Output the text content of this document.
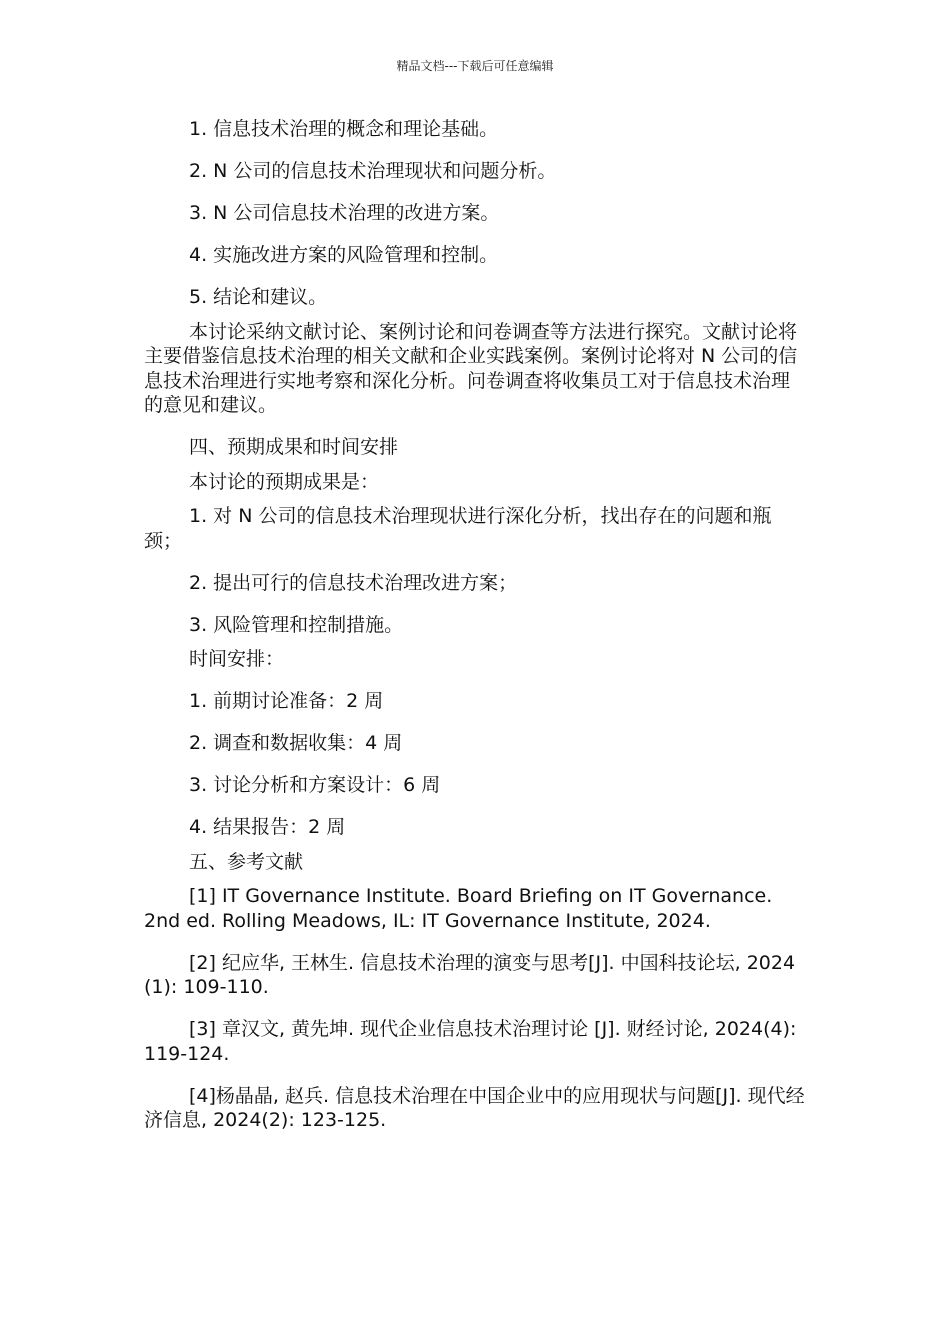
精品文档---下载后可任意编辑

1. 信息技术治理的概念和理论基础。

2. N 公司的信息技术治理现状和问题分析。

3. N 公司信息技术治理的改进方案。

4. 实施改进方案的风险管理和控制。

5. 结论和建议。

本讨论采纳文献讨论、案例讨论和问卷调查等方法进行探究。文献讨论将主要借鉴信息技术治理的相关文献和企业实践案例。案例讨论将对 N 公司的信息技术治理进行实地考察和深化分析。问卷调查将收集员工对于信息技术治理的意见和建议。

四、预期成果和时间安排

本讨论的预期成果是：

1. 对 N 公司的信息技术治理现状进行深化分析，找出存在的问题和瓶颈；

2. 提出可行的信息技术治理改进方案；

3. 风险管理和控制措施。

时间安排：

1. 前期讨论准备：2 周

2. 调查和数据收集：4 周

3. 讨论分析和方案设计：6 周

4. 结果报告：2 周

五、参考文献

[1] IT Governance Institute. Board Briefing on IT Governance. 2nd ed. Rolling Meadows, IL: IT Governance Institute, 2024.

[2] 纪应华, 王林生. 信息技术治理的演变与思考[J]. 中国科技论坛, 2024 (1): 109-110.

[3] 章汉文, 黄先坤. 现代企业信息技术治理讨论 [J]. 财经讨论, 2024(4): 119-124.

[4]杨晶晶, 赵兵. 信息技术治理在中国企业中的应用现状与问题[J]. 现代经济信息, 2024(2): 123-125.
